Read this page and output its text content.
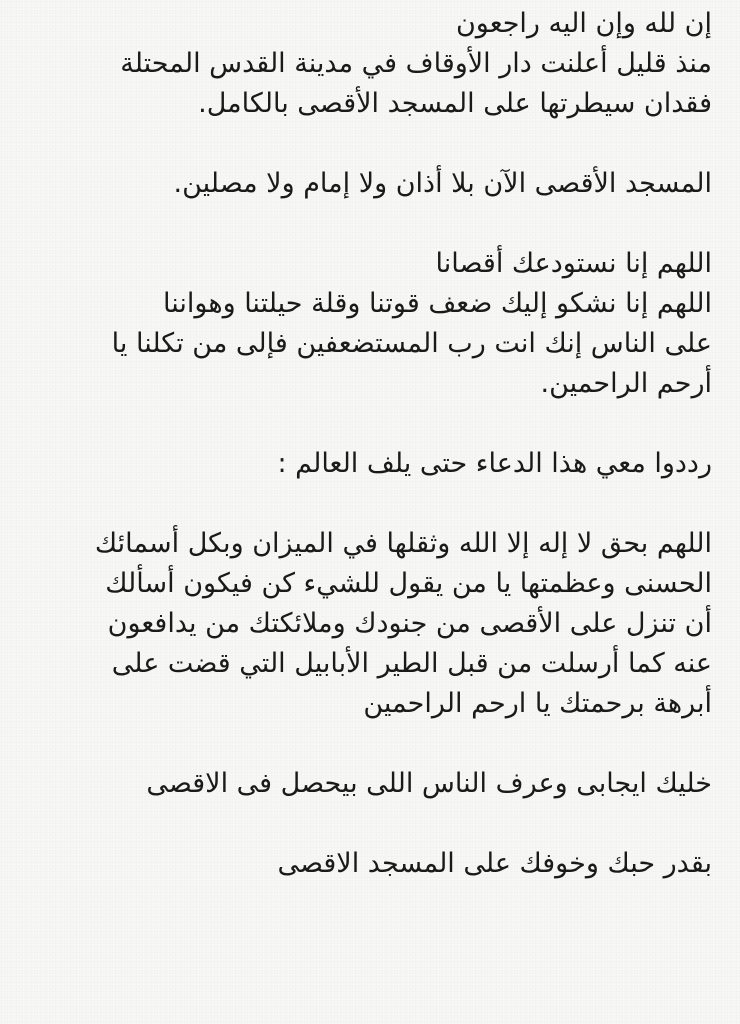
إن لله وإن اليه راجعون
منذ قليل أعلنت دار الأوقاف في مدينة القدس المحتلة
فقدان سيطرتها على المسجد الأقصى بالكامل.
المسجد الأقصى الآن بلا أذان ولا إمام ولا مصلين.
اللهم إنا نستودعك أقصانا
اللهم إنا نشكو إليك ضعف قوتنا وقلة حيلتنا وهواننا
على الناس إنك انت رب المستضعفين فإلى من تكلنا يا
أرحم الراحمين.
رددوا معي هذا الدعاء حتى يلف العالم :
اللهم بحق لا إله إلا الله وثقلها في الميزان وبكل أسمائك
الحسنى وعظمتها يا من يقول للشيء كن فيكون أسألك
أن تنزل على الأقصى من جنودك وملائكتك من يدافعون
عنه كما أرسلت من قبل الطير الأبابيل التي قضت على
أبرهة برحمتك يا ارحم الراحمين
خليك ايجابى وعرف الناس اللى بيحصل فى الاقصى
بقدر حبك وخوفك على المسجد الاقصى
